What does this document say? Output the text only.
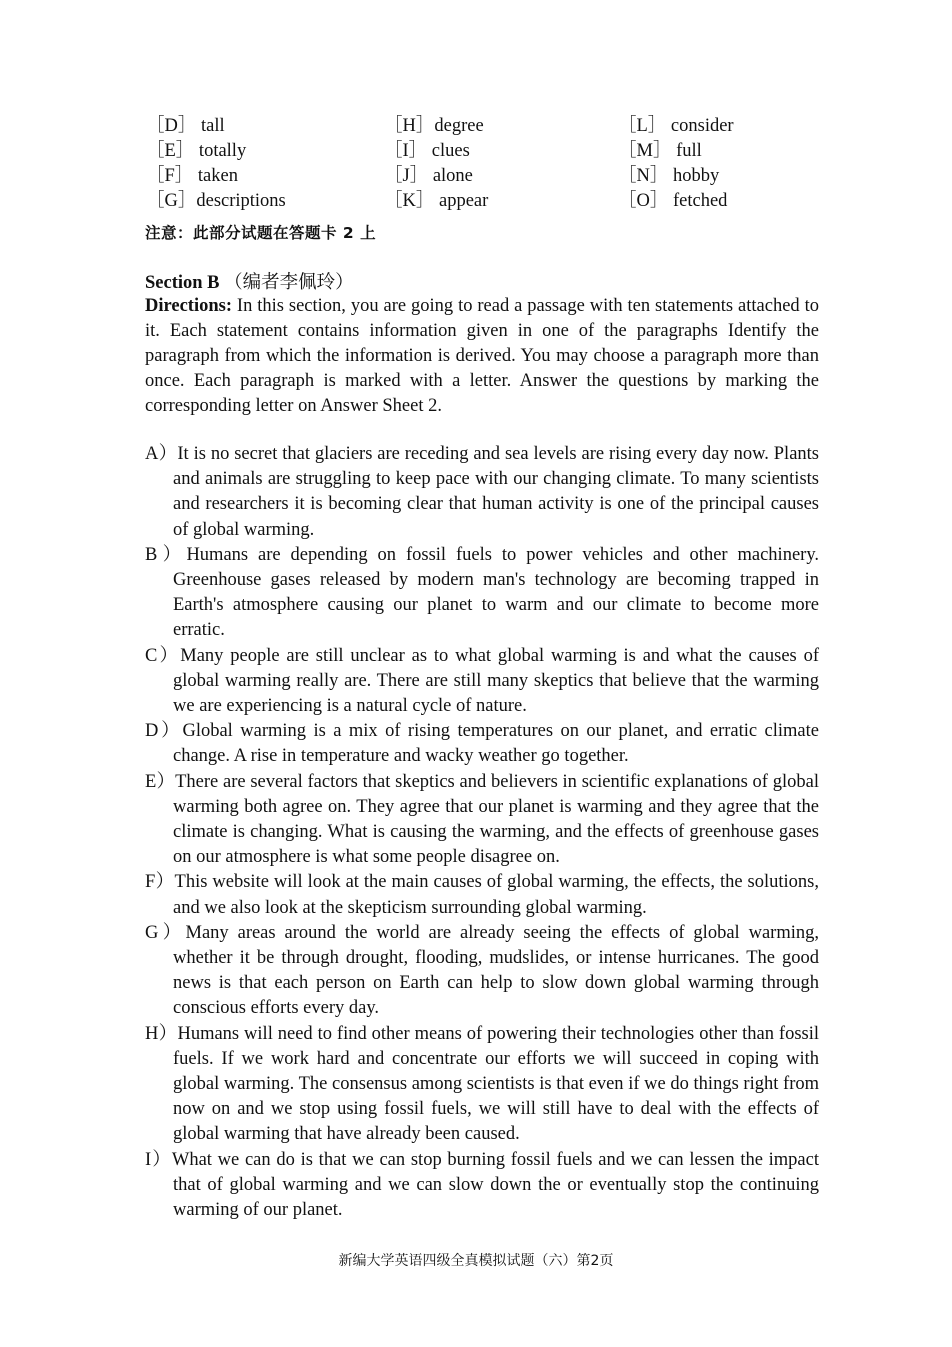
［D］ tall	［H］degree	［L］ consider
［E］ totally	［I］ clues	［M］ full
［F］ taken	［J］ alone	［N］ hobby
［G］descriptions	［K］ appear	［O］ fetched
注意：此部分试题在答题卡 2 上
Section B （编者李佩玲）
Directions: In this section, you are going to read a passage with ten statements attached to it. Each statement contains information given in one of the paragraphs Identify the paragraph from which the information is derived. You may choose a paragraph more than once. Each paragraph is marked with a letter. Answer the questions by marking the corresponding letter on Answer Sheet 2.
A）It is no secret that glaciers are receding and sea levels are rising every day now. Plants and animals are struggling to keep pace with our changing climate. To many scientists and researchers it is becoming clear that human activity is one of the principal causes of global warming.
B）Humans are depending on fossil fuels to power vehicles and other machinery. Greenhouse gases released by modern man's technology are becoming trapped in Earth's atmosphere causing our planet to warm and our climate to become more erratic.
C）Many people are still unclear as to what global warming is and what the causes of global warming really are. There are still many skeptics that believe that the warming we are experiencing is a natural cycle of nature.
D）Global warming is a mix of rising temperatures on our planet, and erratic climate change. A rise in temperature and wacky weather go together.
E）There are several factors that skeptics and believers in scientific explanations of global warming both agree on. They agree that our planet is warming and they agree that the climate is changing. What is causing the warming, and the effects of greenhouse gases on our atmosphere is what some people disagree on.
F）This website will look at the main causes of global warming, the effects, the solutions, and we also look at the skepticism surrounding global warming.
G）Many areas around the world are already seeing the effects of global warming, whether it be through drought, flooding, mudslides, or intense hurricanes. The good news is that each person on Earth can help to slow down global warming through conscious efforts every day.
H）Humans will need to find other means of powering their technologies other than fossil fuels. If we work hard and concentrate our efforts we will succeed in coping with global warming. The consensus among scientists is that even if we do things right from now on and we stop using fossil fuels, we will still have to deal with the effects of global warming that have already been caused.
I）What we can do is that we can stop burning fossil fuels and we can lessen the impact that of global warming and we can slow down the or eventually stop the continuing warming of our planet.
新编大学英语四级全真模拟试题（六）第2页
